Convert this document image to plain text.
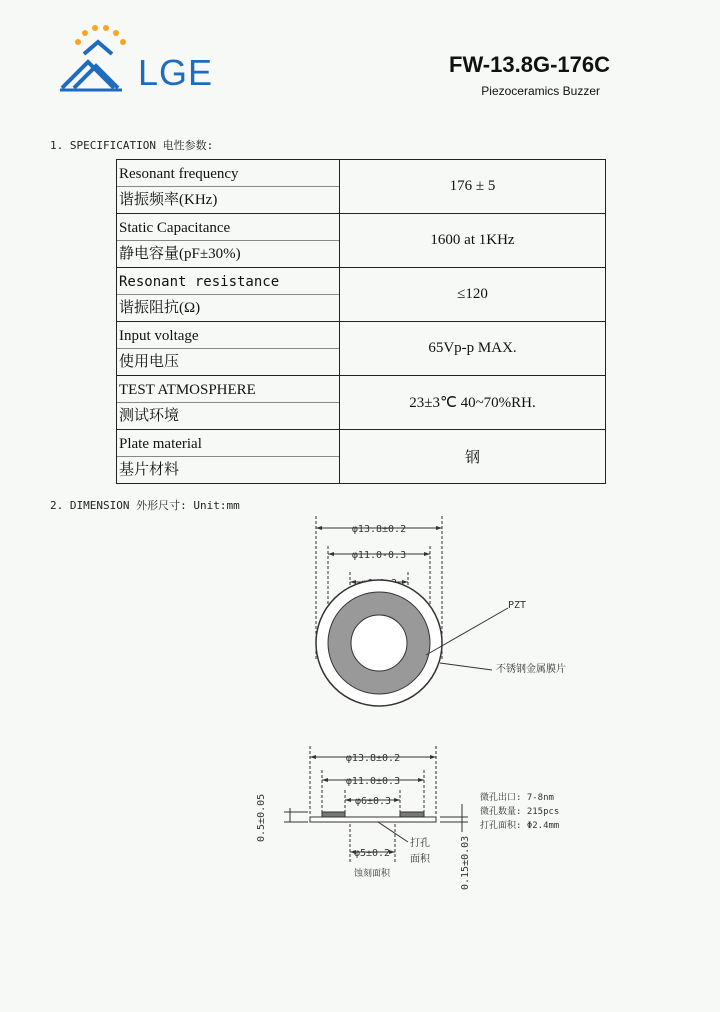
LGE	FW-13.8G-176C
Piezoceramics Buzzer
1. SPECIFICATION 电性参数:
Resonant frequency
谐振频率(KHz)	176 ± 5

Static Capacitance
静电容量(pF±30%)	1600 at 1KHz

Resonant resistance
谐振阻抗(Ω)	≤120

Input voltage
使用电压	65Vp-p MAX.

TEST ATMOSPHERE
测试环境	23±3℃ 40~70%RH.

Plate material
基片材料	钢
2. DIMENSION 外形尺寸: Unit:mm
φ13.8±0.2
φ11.0-0.3
PZT
不锈钢金属膜片
φ13.8±0.2
φ11.0±0.3
φ6±0.3
φ5±0.2
蚀刻面积
打孔
面积
微孔出口: 7-8nm
微孔数量: 215pcs
打孔面积: Φ2.4mm
0.5±0.05
0.15±0.03
